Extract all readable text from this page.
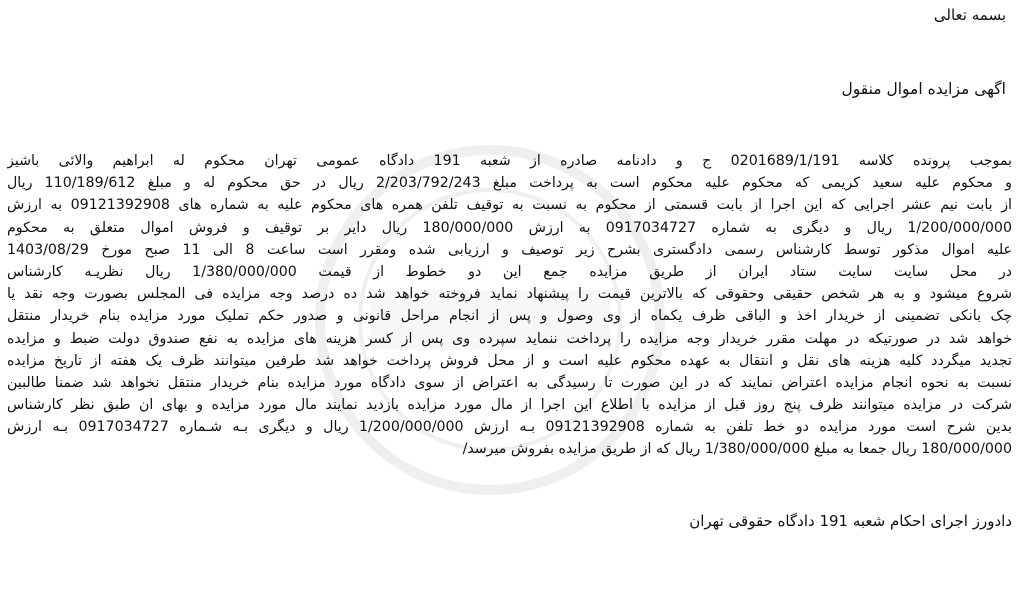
بسمه تعالی
اگهی مزایده اموال منقول
بموجب پرونده کلاسه 0201689/1/191 ج و دادنامه صادره از شعبه 191 دادگاه عمومی تهران محکوم له ابراهیم والائی باشیز
و محکوم علیه سعید کریمی که محکوم علیه محکوم است به پرداخت مبلغ 2/203/792/243 ریال در حق محکوم له و مبلغ 110/189/612 ریال
از بابت نیم عشر اجرایی که این اجرا از بابت قسمتی از محکوم به نسبت به توقیف تلفن همره های محکوم علیه به شماره های 0912139290‌8 به ارزش
1/200/000/000 ریال و دیگری به شماره 0917034727 به ارزش 180/000/000 ریال دایر بر توقیف و فروش اموال متعلق به محکوم
علیه اموال مذکور توسط کارشناس رسمی دادگستری بشرح زیر توصیف و ارزیابی شده ومقرر است ساعت 8 الی 11 صبح مورخ 1403/08/29
در محل سایت سایت ستاد ایران از طریق مزایده جمع این دو خطوط از قیمت 1/380/000/000 ریال نظریـه کارشناس
شروع میشود و به هر شخص حقیقی وحقوقی که بالاترین قیمت را پیشنهاد نماید فروخته خواهد شد ده درصد وجه مزایده فی المجلس بصورت وجه نقد یا
چک بانکی تضمینی از خریدار اخذ و الباقی ظرف یکماه از وی وصول و پس از انجام مراحل قانونی و صدور حکم تملیک مورد مزایده بنام خریدار منتقل
خواهد شد در صورتیکه در مهلت مقرر خریدار وجه مزایده را پرداخت ننماید سپرده وی پس از کسر هزینه های مزایده به نفع صندوق دولت ضبط و مزایده
تجدید میگردد کلیه هزینه های نقل و انتقال به عهده محکوم علیه است و از محل فروش پرداخت خواهد شد طرفین میتوانند ظرف یک هفته از تاریخ مزایده
نسبت به نحوه انجام مزایده اعتراض نمایند که در این صورت تا رسیدگی به اعتراض از سوی دادگاه مورد مزایده بنام خریدار منتقل نخواهد شد ضمنا طالبین
شرکت در مزایده میتوانند ظرف پنج روز قبل از مزایده با اطلاع این اجرا از مال مورد مزایده بازدید نمایند مال مورد مزایده و بهای ان طبق نظر کارشناس
بدین شرح است مورد مزایده دو خط تلفن به شماره 0912139290‌8 بـه ارزش 1/200/000/000 ریال و دیگری بـه شـماره 0917034727 بـه ارزش
180/000/000 ریال جمعا به مبلغ 1/380/000/000 ریال که از طریق مزایده بفروش میرسد/
دادورز اجرای احکام شعبه 191 دادگاه حقوقی تهران
